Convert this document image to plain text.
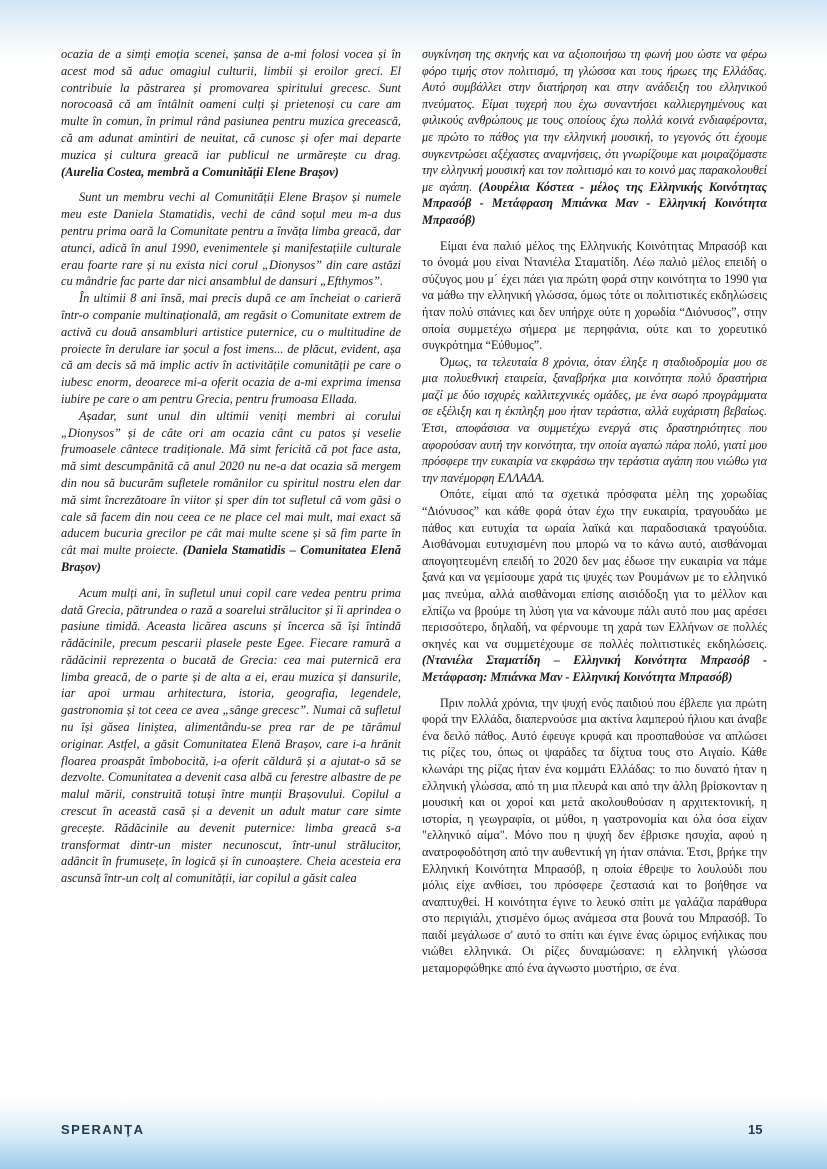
ocazia de a simți emoția scenei, șansa de a-mi folosi vocea și în acest mod să aduc omagiul culturii, limbii și eroilor greci. El contribuie la păstrarea și promovarea spiritului grecesc. Sunt norocoasă că am întâlnit oameni culți și prietenoși cu care am multe în comun, în primul rând pasiunea pentru muzica grecească, că am adunat amintiri de neuitat, că cunosc și ofer mai departe muzica și cultura greacă iar publicul ne urmărește cu drag. (Aurelia Costea, membră a Comunității Elene Brașov)

Sunt un membru vechi al Comunității Elene Brașov și numele meu este Daniela Stamatidis, vechi de când soțul meu m-a dus pentru prima oară la Comunitate pentru a învăța limba greacă, dar atunci, adică în anul 1990, evenimentele și manifestațiile culturale erau foarte rare și nu exista nici corul „Dionysos” din care astăzi cu mândrie fac parte dar nici ansamblul de dansuri „Efthymos”.

În ultimii 8 ani însă, mai precis după ce am încheiat o carieră într-o companie multinațională, am regăsit o Comunitate extrem de activă cu două ansambluri artistice puternice, cu o multitudine de proiecte în derulare iar șocul a fost imens... de plăcut, evident, așa că am decis să mă implic activ în activitățile comunității pe care o iubesc enorm, deoarece mi-a oferit ocazia de a-mi exprima imensa iubire pe care o am pentru Grecia, pentru frumoasa Ellada.

Așadar, sunt unul din ultimii veniți membri ai corului „Dionysos” și de câte ori am ocazia cânt cu patos și veselie frumoasele cântece tradiționale. Mă simt fericită că pot face asta, mă simt descumpănită că anul 2020 nu ne-a dat ocazia să mergem din nou să bucurăm sufletele românilor cu spiritul nostru elen dar mă simt încrezătoare în viitor și sper din tot sufletul că vom găsi o cale să facem din nou ceea ce ne place cel mai mult, mai exact să aducem bucuria grecilor pe cât mai multe scene și să fim parte în cât mai multe proiecte. (Daniela Stamatidis – Comunitatea Elenă Brașov)

Acum mulți ani, în sufletul unui copil care vedea pentru prima dată Grecia, pătrundea o rază a soarelui strălucitor și îi aprindea o pasiune timidă. Aceasta licărea ascuns și încerca să își întindă rădăcinile, precum pescarii plasele peste Egee. Fiecare ramură a rădăcinii reprezenta o bucată de Grecia: cea mai puternică era limba greacă, de o parte și de alta a ei, erau muzica și dansurile, iar apoi urmau arhitectura, istoria, geografia, legendele, gastronomia și tot ceea ce avea „sânge grecesc”. Numai că sufletul nu își găsea liniștea, alimentându-se prea rar de pe tărâmul originar. Astfel, a găsit Comunitatea Elenă Brașov, care i-a hrănit floarea proaspăt îmbobocită, i-a oferit căldură și a ajutat-o să se dezvolte. Comunitatea a devenit casa albă cu ferestre albastre de pe malul mării, construită totuși între munții Brașovului. Copilul a crescut în această casă și a devenit un adult matur care simte grecește. Rădăcinile au devenit puternice: limba greacă s-a transformat dintr-un mister necunoscut, într-unul strălucitor, adâncit în frumusețe, în logică și în cunoaștere. Cheia acesteia era ascunsă într-un colț al comunității, iar copilul a găsit calea

συγκίνηση της σκηνής και να αξιοποιήσω τη φωνή μου ώστε να φέρω φόρο τιμής στον πολιτισμό, τη γλώσσα και τους ήρωες της Ελλάδας. Αυτό συμβάλλει στην διατήρηση και στην ανάδειξη του ελληνικού πνεύματος. Είμαι τυχερή που έχω συναντήσει καλλιεργημένους και φιλικούς ανθρώπους με τους οποίους έχω πολλά κοινά ενδιαφέροντα, με πρώτο το πάθος για την ελληνική μουσική, το γεγονός ότι έχουμε συγκεντρώσει αξέχαστες αναμνήσεις, ότι γνωρίζουμε και μοιραζόμαστε την ελληνική μουσική και τον πολιτισμό και το κοινό μας παρακολουθεί με αγάπη. (Αουρέλια Κόστεα - μέλος της Ελληνικής Κοινότητας Μπρασόβ - Μετάφραση Μπιάνκα Μαν - Ελληνική Κοινότητα Μπρασόβ)

Είμαι ένα παλιό μέλος της Ελληνικής Κοινότητας Μπρασόβ και το όνομά μου είναι Ντανιέλα Σταματίδη. Λέω παλιό μέλος επειδή ο σύζυγος μου μ΄ έχει πάει για πρώτη φορά στην κοινότητα το 1990 για να μάθω την ελληνική γλώσσα, όμως τότε οι πολιτιστικές εκδηλώσεις ήταν πολύ σπάνιες και δεν υπήρχε ούτε η χορωδία “Διόνυσος”, στην οποία συμμετέχω σήμερα με περηφάνια, ούτε και το χορευτικό συγκρότημα “Εύθυμος”.

Όμως, τα τελευταία 8 χρόνια, όταν έληξε η σταδιοδρομία μου σε μια πολυεθνική εταιρεία, ξαναβρήκα μια κοινότητα πολύ δραστήρια μαζί με δύο ισχυρές καλλιτεχνικές ομάδες, με ένα σωρό προγράμματα σε εξέλιξη και η έκπληξη μου ήταν τεράστια, αλλά ευχάριστη βεβαίως. Έτσι, αποφάσισα να συμμετέχω ενεργά στις δραστηριότητες που αφορούσαν αυτή την κοινότητα, την οποία αγαπώ πάρα πολύ, γιατί μου πρόσφερε την ευκαιρία να εκφράσω την τεράστια αγάπη που νιώθω για την πανέμορφη ΕΛΛΑΔΑ.

Οπότε, είμαι από τα σχετικά πρόσφατα μέλη της χορωδίας “Διόνυσος” και κάθε φορά όταν έχω την ευκαιρία, τραγουδάω με πάθος και ευτυχία τα ωραία λαϊκά και παραδοσιακά τραγούδια. Αισθάνομαι ευτυχισμένη που μπορώ να το κάνω αυτό, αισθάνομαι απογοητευμένη επειδή το 2020 δεν μας έδωσε την ευκαιρία να πάμε ξανά και να γεμίσουμε χαρά τις ψυχές των Ρουμάνων με το ελληνικό μας πνεύμα, αλλά αισθάνομαι επίσης αισιόδοξη για το μέλλον και ελπίζω να βρούμε τη λύση για να κάνουμε πάλι αυτό που μας αρέσει περισσότερο, δηλαδή, να φέρνουμε τη χαρά των Ελλήνων σε πολλές σκηνές και να συμμετέχουμε σε πολλές πολιτιστικές εκδηλώσεις. (Ντανιέλα Σταματίδη – Ελληνική Κοινότητα Μπρασόβ - Μετάφραση: Μπιάνκα Μαν - Ελληνική Κοινότητα Μπρασόβ)

Πριν πολλά χρόνια, την ψυχή ενός παιδιού που έβλεπε για πρώτη φορά την Ελλάδα, διαπερνούσε μια ακτίνα λαμπερού ήλιου και άναβε ένα δειλό πάθος. Αυτό έφευγε κρυφά και προσπαθούσε να απλώσει τις ρίζες του, όπως οι ψαράδες τα δίχτυα τους στο Αιγαίο. Κάθε κλωνάρι της ρίζας ήταν ένα κομμάτι Ελλάδας: το πιο δυνατό ήταν η ελληνική γλώσσα, από τη μια πλευρά και από την άλλη βρίσκονταν η μουσική και οι χοροί και μετά ακολουθούσαν η αρχιτεκτονική, η ιστορία, η γεωγραφία, οι μύθοι, η γαστρονομία και όλα όσα είχαν "ελληνικό αίμα". Μόνο που η ψυχή δεν έβρισκε ησυχία, αφού η ανατροφοδότηση από την αυθεντική γη ήταν σπάνια. Έτσι, βρήκε την Ελληνική Κοινότητα Μπρασόβ, η οποία έθρεψε το λουλούδι που μόλις είχε ανθίσει, του πρόσφερε ζεστασιά και το βοήθησε να αναπτυχθεί. Η κοινότητα έγινε το λευκό σπίτι με γαλάζια παράθυρα στο περιγιάλι, χτισμένο όμως ανάμεσα στα βουνά του Μπρασόβ. Το παιδί μεγάλωσε σ' αυτό το σπίτι και έγινε ένας ώριμος ενήλικας που νιώθει ελληνικά. Οι ρίζες δυναμώσανε: η ελληνική γλώσσα μεταμορφώθηκε από ένα άγνωστο μυστήριο, σε ένα

SPERANŢA	15
